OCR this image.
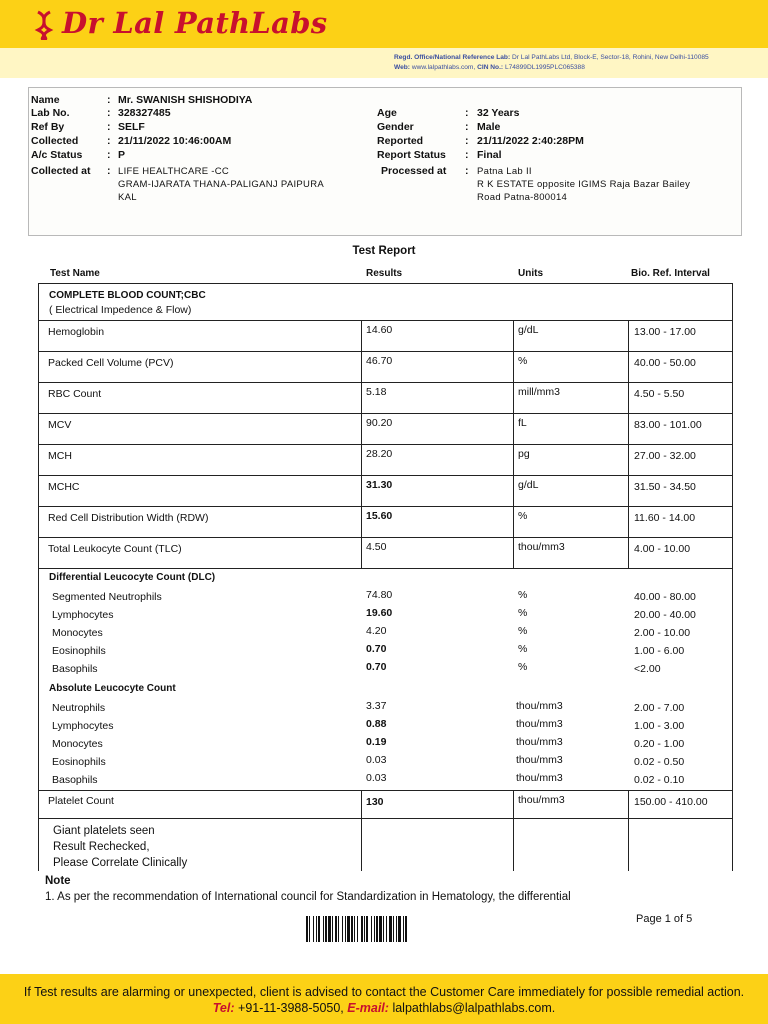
Dr Lal PathLabs
Regd. Office/National Reference Lab: Dr Lal PathLabs Ltd, Block-E, Sector-18, Rohini, New Delhi-110085
Web: www.lalpathlabs.com, CIN No.: L74899DL1995PLC065388
Name	: Mr. SWANISH SHISHODIYA
Lab No.	: 328327485
Ref By	: SELF
Collected	: 21/11/2022 10:46:00AM
A/c Status : P
Collected at : LIFE HEALTHCARE -CC
GRAM-IJARATA THANA-PALIGANJ PAIPURA
KAL
Age	: 32 Years
Gender	: Male
Reported	: 21/11/2022 2:40:28PM
Report Status : Final
Processed at : Patna Lab II
R K ESTATE opposite IGIMS Raja Bazar Bailey
Road Patna-800014
Test Report
Test Name	Results	Units	Bio. Ref. Interval
COMPLETE BLOOD COUNT;CBC
( Electrical Impedence & Flow)
Hemoglobin	14.60	g/dL	13.00 - 17.00
Packed Cell Volume (PCV)	46.70	%	40.00 - 50.00
RBC Count	5.18	mill/mm3	4.50 - 5.50
MCV	90.20	fL	83.00 - 101.00
MCH	28.20	pg	27.00 - 32.00
MCHC	31.30	g/dL	31.50 - 34.50
Red Cell Distribution Width (RDW)	15.60	%	11.60 - 14.00
Total Leukocyte Count (TLC)	4.50	thou/mm3	4.00 - 10.00
Segmented Neutrophils	74.80	%	40.00 - 80.00
Lymphocytes	19.60	%	20.00 - 40.00
Monocytes	4.20	%	2.00 - 10.00
Eosinophils	0.70	%	1.00 - 6.00
Basophils	0.70	%	<2.00
Neutrophils	3.37	thou/mm3	2.00 - 7.00
Lymphocytes	0.88	thou/mm3	1.00 - 3.00
Monocytes	0.19	thou/mm3	0.20 - 1.00
Eosinophils	0.03	thou/mm3	0.02 - 0.50
Basophils	0.03	thou/mm3	0.02 - 0.10
Platelet Count	130	thou/mm3	150.00 - 410.00
Differential Leucocyte Count (DLC)
Absolute Leucocyte Count
Giant platelets seen
Result Rechecked,
Please Correlate Clinically
Note
1. As per the recommendation of International council for Standardization in Hematology, the differential
Page 1 of 5
If Test results are alarming or unexpected, client is advised to contact the Customer Care immediately for possible remedial action.
Tel: +91-11-3988-5050, E-mail: lalpathlabs@lalpathlabs.com.
